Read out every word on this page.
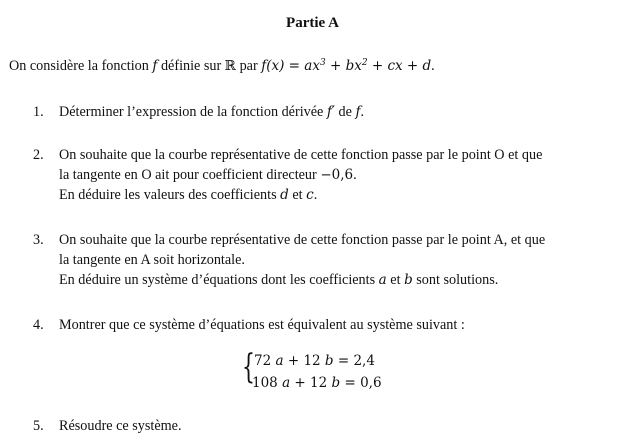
Partie A
On considère la fonction f définie sur ℝ par $f(x) = ax^3 + bx^2$ + cx + d.
1. Déterminer l’expression de la fonction dérivée f′ de f.
2. On souhaite que la courbe représentative de cette fonction passe par le point O et que
la tangente en O ait pour coefficient directeur −0,6.
En déduire les valeurs des coefficients d et c.
3. On souhaite que la courbe représentative de cette fonction passe par le point A, et que
la tangente en A soit horizontale.
En déduire un système d’équations dont les coefficients a et b sont solutions.
4. Montrer que ce système d’équations est équivalent au système suivant :
{ 72 a + 12 b = 2,4
108 a + 12 b = 0,6
5. Résoudre ce système.
